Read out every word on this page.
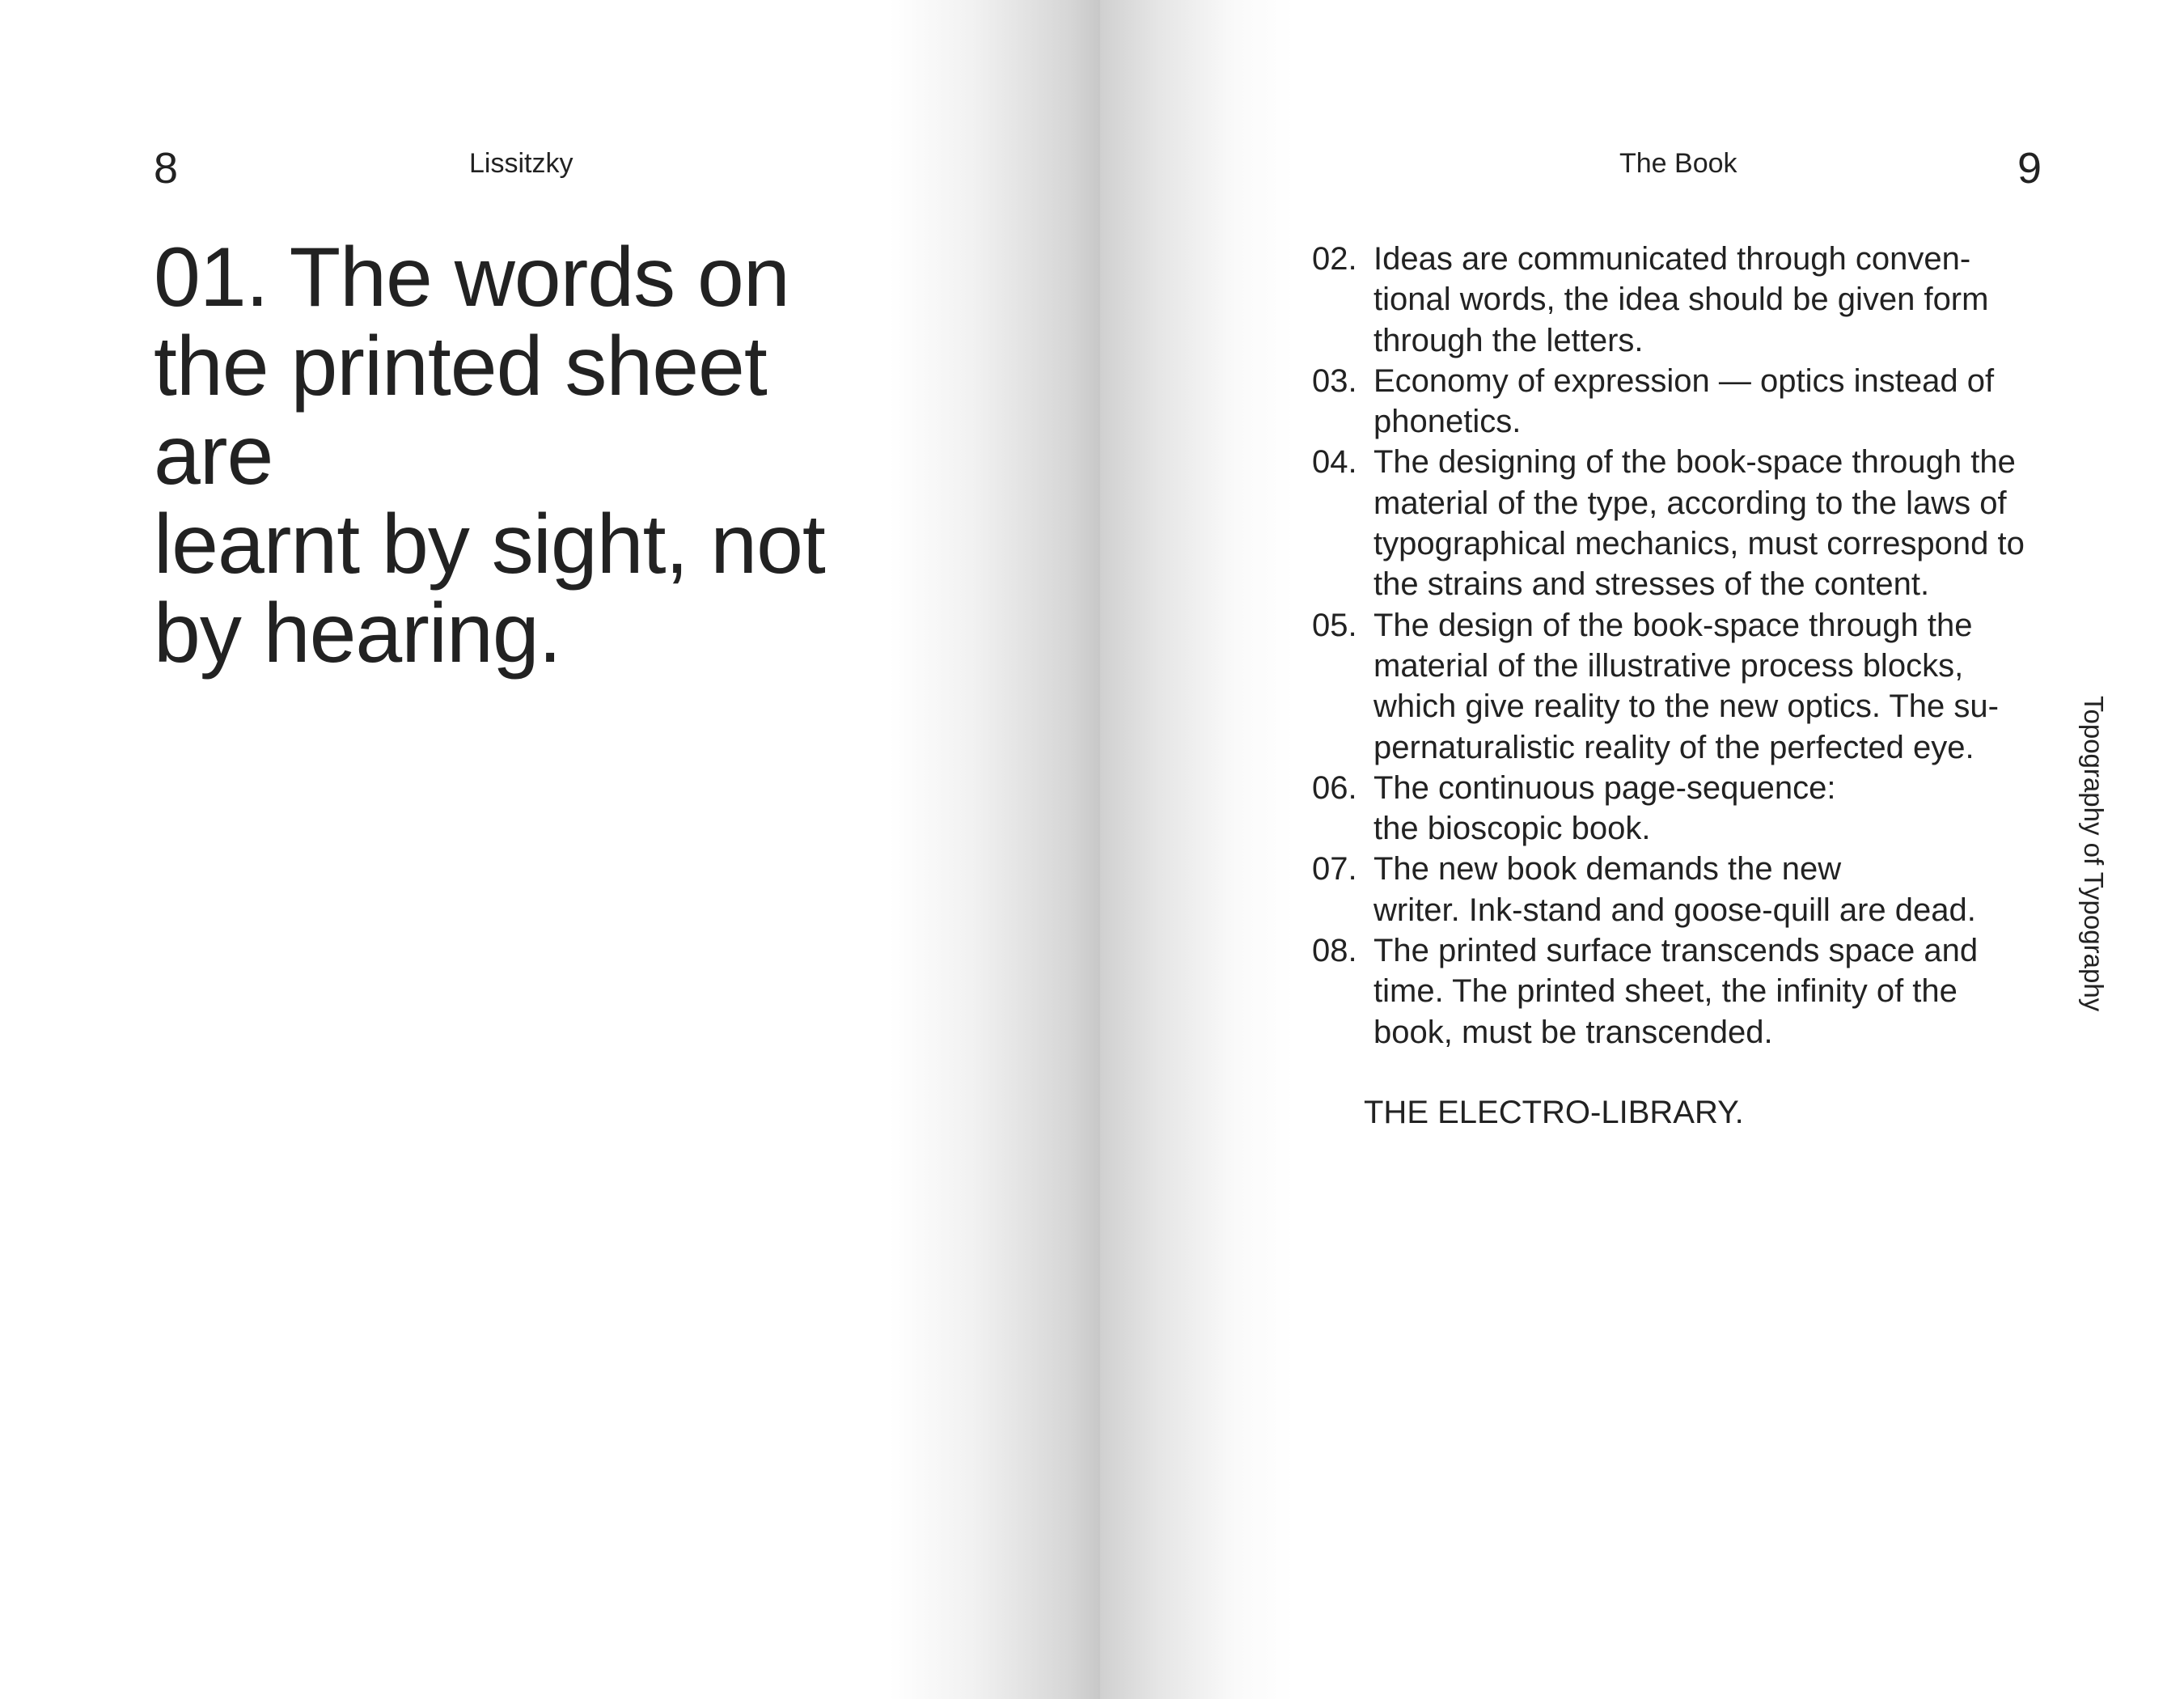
8	Lissitzky
01. The words on
the printed sheet are
learnt by sight, not
by hearing.
The Book	9
02. Ideas are communicated through conven-
tional words, the idea should be given form
through the letters.
03. Economy of expression — optics instead of
phonetics.
04. The designing of the book-space through the
material of the type, according to the laws of
typographical mechanics, must correspond to
the strains and stresses of the content.
05. The design of the book-space through the
material of the illustrative process blocks,
which give reality to the new optics. The su-
pernaturalistic reality of the perfected eye.
06. The continuous page-sequence:
the bioscopic book.
07. The new book demands the new
writer. Ink-stand and goose-quill are dead.
08. The printed surface transcends space and
time. The printed sheet, the infinity of the
book, must be transcended.
THE ELECTRO-LIBRARY.
Topography of Typography
